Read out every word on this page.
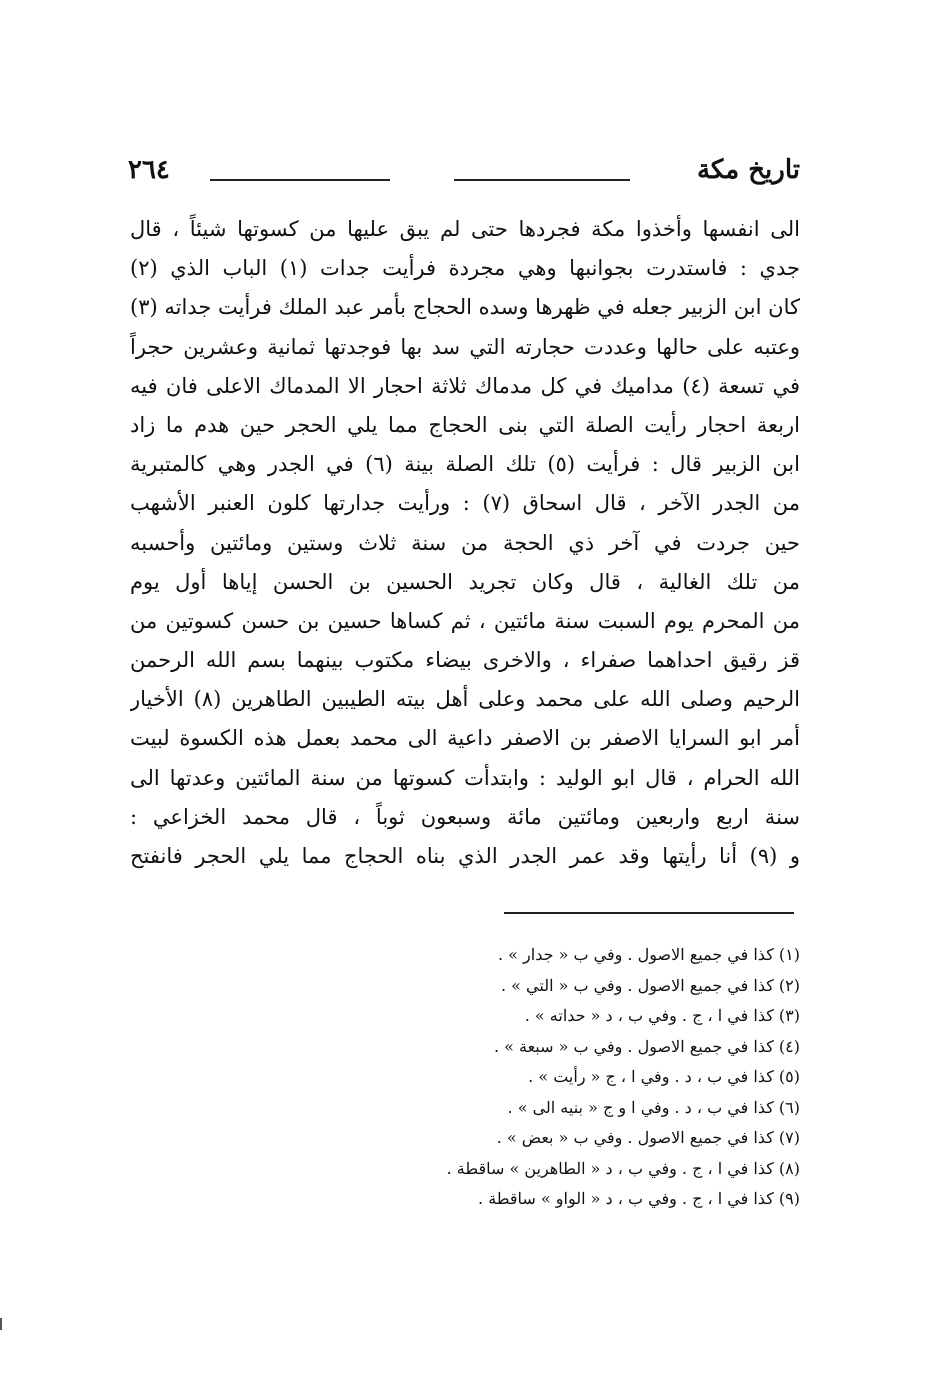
تاريخ مكة
٢٦٤
الى انفسها وأخذوا مكة فجردها حتى لم يبق عليها من كسوتها شيئاً ، قال
جدي : فاستدرت بجوانبها وهي مجردة فرأيت جدات (١) الباب الذي (٢)
كان ابن الزبير جعله في ظهرها وسده الحجاج بأمر عبد الملك فرأيت جداته (٣)
وعتبه على حالها وعددت حجارته التي سد بها فوجدتها ثمانية وعشرين حجراً
في تسعة (٤) مداميك في كل مدماك ثلاثة احجار الا المدماك الاعلى فان فيه
اربعة احجار رأيت الصلة التي بنى الحجاج مما يلي الحجر حين هدم ما زاد
ابن الزبير قال : فرأيت (٥) تلك الصلة بينة (٦) في الجدر وهي كالمتبرية
من الجدر الآخر ، قال اسحاق (٧) : ورأيت جدارتها كلون العنبر الأشهب
حين جردت في آخر ذي الحجة من سنة ثلاث وستين ومائتين وأحسبه
من تلك الغالية ، قال وكان تجريد الحسين بن الحسن إياها أول يوم
من المحرم يوم السبت سنة مائتين ، ثم كساها حسين بن حسن كسوتين من
قز رقيق احداهما صفراء ، والاخرى بيضاء مكتوب بينهما بسم الله الرحمن
الرحيم وصلى الله على محمد وعلى أهل بيته الطيبين الطاهرين (٨) الأخيار
أمر ابو السرايا الاصفر بن الاصفر داعية الى محمد بعمل هذه الكسوة لبيت
الله الحرام ، قال ابو الوليد : وابتدأت كسوتها من سنة المائتين وعدتها الى
سنة اربع واربعين ومائتين مائة وسبعون ثوباً ، قال محمد الخزاعي :
و (٩) أنا رأيتها وقد عمر الجدر الذي بناه الحجاج مما يلي الحجر فانفتح
(١) كذا في جميع الاصول . وفي ب « جدار » .
(٢) كذا في جميع الاصول . وفي ب « التي » .
(٣) كذا في ا ، ج . وفي ب ، د « حداته » .
(٤) كذا في جميع الاصول . وفي ب « سبعة » .
(٥) كذا في ب ، د . وفي ا ، ج « رأيت » .
(٦) كذا في ب ، د . وفي ا و ج « بنيه الى » .
(٧) كذا في جميع الاصول . وفي ب « بعض » .
(٨) كذا في ا ، ج . وفي ب ، د « الطاهرين » ساقطة .
(٩) كذا في ا ، ج . وفي ب ، د « الواو » ساقطة .
